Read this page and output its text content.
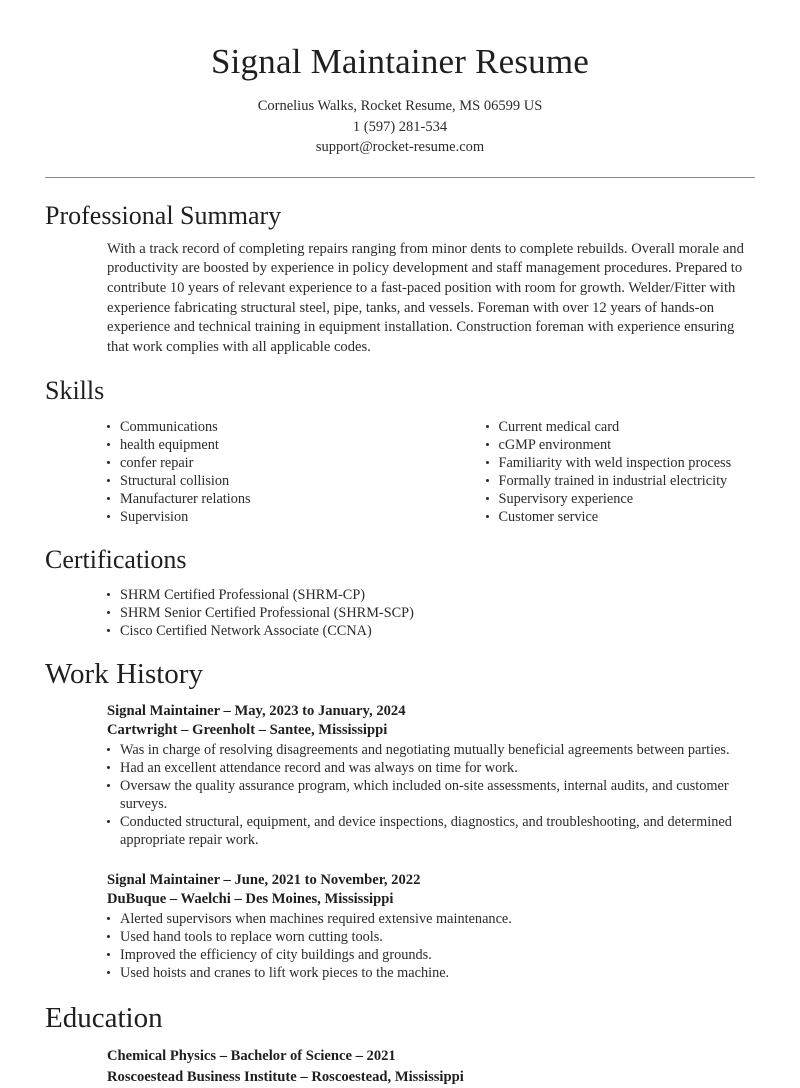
Signal Maintainer Resume
Cornelius Walks, Rocket Resume, MS 06599 US
1 (597) 281-534
support@rocket-resume.com
Professional Summary

With a track record of completing repairs ranging from minor dents to complete rebuilds. Overall morale and productivity are boosted by experience in policy development and staff management procedures. Prepared to contribute 10 years of relevant experience to a fast-paced position with room for growth. Welder/Fitter with experience fabricating structural steel, pipe, tanks, and vessels. Foreman with over 12 years of hands-on experience and technical training in equipment installation. Construction foreman with experience ensuring that work complies with all applicable codes.

Skills
Communications
health equipment
confer repair
Structural collision
Manufacturer relations
Supervision
Current medical card
cGMP environment
Familiarity with weld inspection process
Formally trained in industrial electricity
Supervisory experience
Customer service
Certifications
SHRM Certified Professional (SHRM-CP)
SHRM Senior Certified Professional (SHRM-SCP)
Cisco Certified Network Associate (CCNA)
Work History
Signal Maintainer – May, 2023 to January, 2024
Cartwright – Greenholt – Santee, Mississippi
Was in charge of resolving disagreements and negotiating mutually beneficial agreements between parties.
Had an excellent attendance record and was always on time for work.
Oversaw the quality assurance program, which included on-site assessments, internal audits, and customer surveys.
Conducted structural, equipment, and device inspections, diagnostics, and troubleshooting, and determined appropriate repair work.
Signal Maintainer – June, 2021 to November, 2022
DuBuque – Waelchi – Des Moines, Mississippi
Alerted supervisors when machines required extensive maintenance.
Used hand tools to replace worn cutting tools.
Improved the efficiency of city buildings and grounds.
Used hoists and cranes to lift work pieces to the machine.
Education
Chemical Physics – Bachelor of Science – 2021
Roscoestead Business Institute – Roscoestead, Mississippi
